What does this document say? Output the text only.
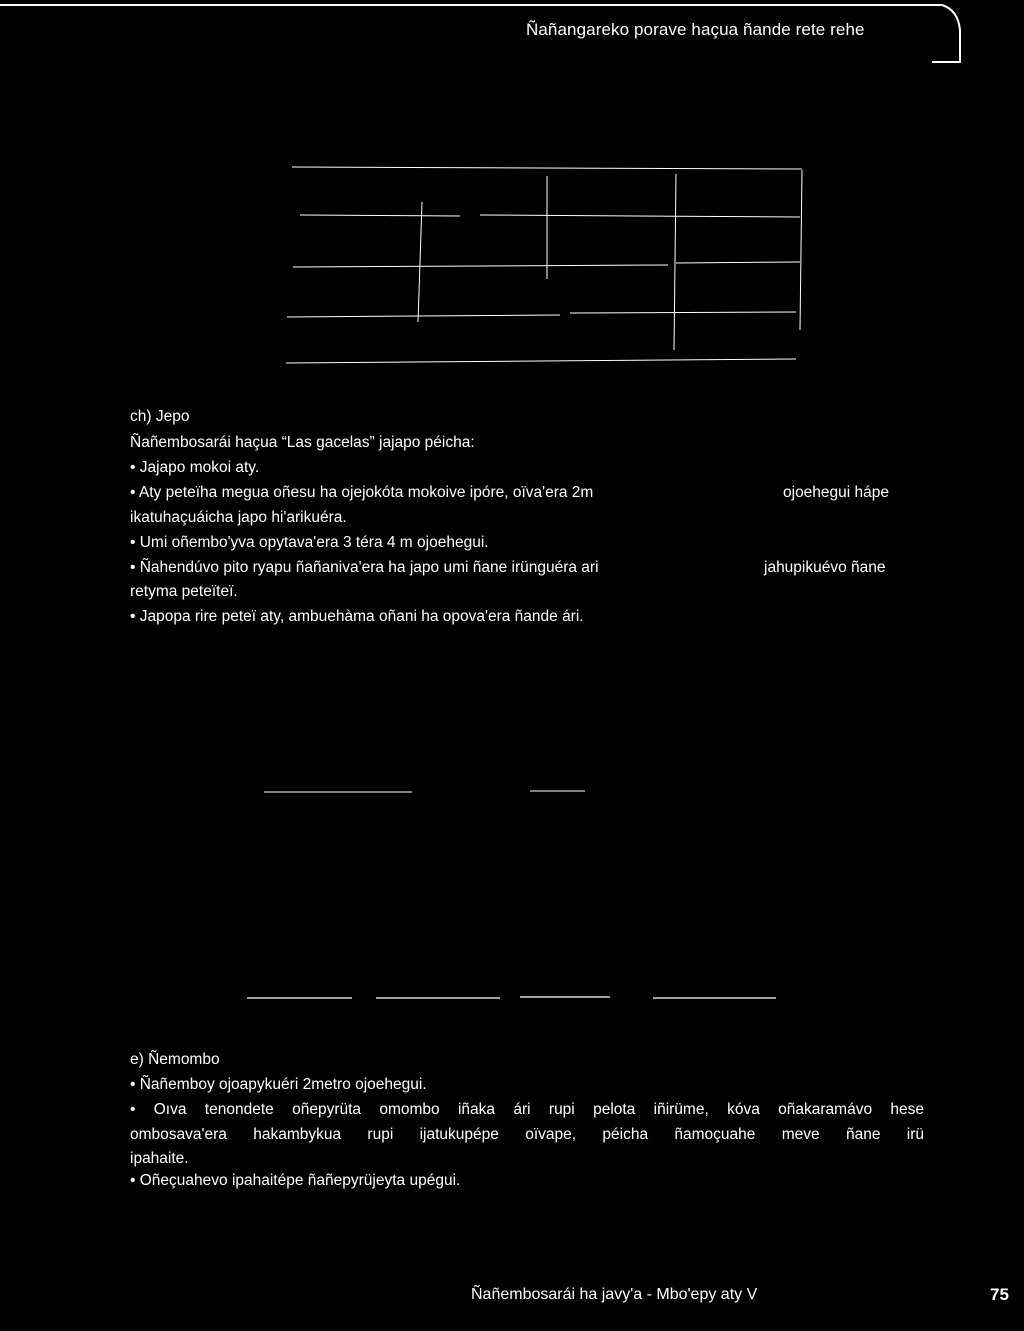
Ñañangareko porave haçua ñande rete rehe
ch) Jepo
Ñañembosarái haçua “Las gacelas” jajapo péicha:
• Jajapo mokoi aty.
• Aty peteïha megua oñesu ha ojejokóta mokoive ipóre, oïva'era 2m	ojoehegui hápe
ikatuhaçuáicha japo hi'arikuéra.
• Umi oñembo'yva opytava'era 3 téra 4 m ojoehegui.
• Ñahendúvo pito ryapu ñañaniva'era ha japo umi ñane irünguéra ari	jahupikuévo ñane
retyma peteïteï.
• Japopa rire peteï aty, ambuehàma oñani ha opova'era ñande ári.
e) Ñemombo
• Ñañemboy ojoapykuéri 2metro ojoehegui.
• Oıva tenondete oñepyrüta omombo iñaka ári rupi pelota iñirüme, kóva oñakaramávo hese
ombosava'era hakambykua rupi ijatukupépe oïvape, péicha ñamoçuahe meve ñane irü
ipahaite.
• Oñeçuahevo ipahaitépe ñañepyrüjeyta upégui.
Ñañembosarái ha javy'a - Mbo'epy aty V	75
